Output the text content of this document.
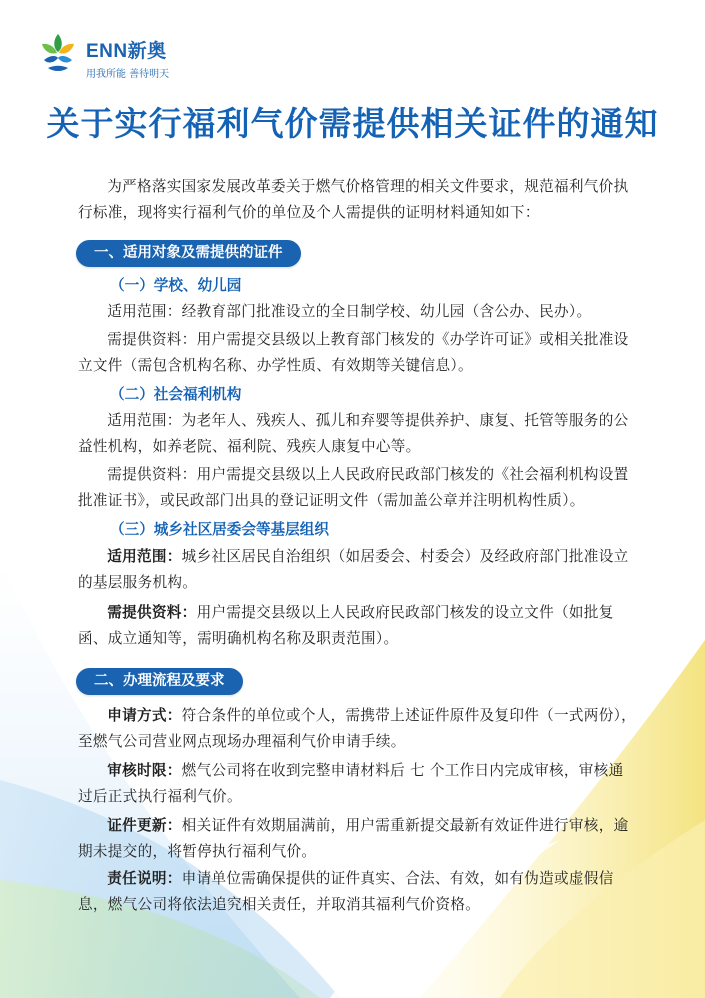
ENN新奥
用我所能 善待明天
关于实行福利气价需提供相关证件的通知
为严格落实国家发展改革委关于燃气价格管理的相关文件要求，规范福利气价执行标准，现将实行福利气价的单位及个人需提供的证明材料通知如下：
一、适用对象及需提供的证件
（一）学校、幼儿园
适用范围：经教育部门批准设立的全日制学校、幼儿园（含公办、民办）。
需提供资料：用户需提交县级以上教育部门核发的《办学许可证》或相关批准设立文件（需包含机构名称、办学性质、有效期等关键信息）。
（二）社会福利机构
适用范围：为老年人、残疾人、孤儿和弃婴等提供养护、康复、托管等服务的公益性机构，如养老院、福利院、残疾人康复中心等。
需提供资料：用户需提交县级以上人民政府民政部门核发的《社会福利机构设置批准证书》，或民政部门出具的登记证明文件（需加盖公章并注明机构性质）。
（三）城乡社区居委会等基层组织
适用范围：城乡社区居民自治组织（如居委会、村委会）及经政府部门批准设立的基层服务机构。
需提供资料：用户需提交县级以上人民政府民政部门核发的设立文件（如批复函、成立通知等，需明确机构名称及职责范围）。
二、办理流程及要求
申请方式：符合条件的单位或个人，需携带上述证件原件及复印件（一式两份），至燃气公司营业网点现场办理福利气价申请手续。
审核时限：燃气公司将在收到完整申请材料后 七 个工作日内完成审核，审核通过后正式执行福利气价。
证件更新：相关证件有效期届满前，用户需重新提交最新有效证件进行审核，逾期未提交的，将暂停执行福利气价。
责任说明：申请单位需确保提供的证件真实、合法、有效，如有伪造或虚假信息，燃气公司将依法追究相关责任，并取消其福利气价资格。
